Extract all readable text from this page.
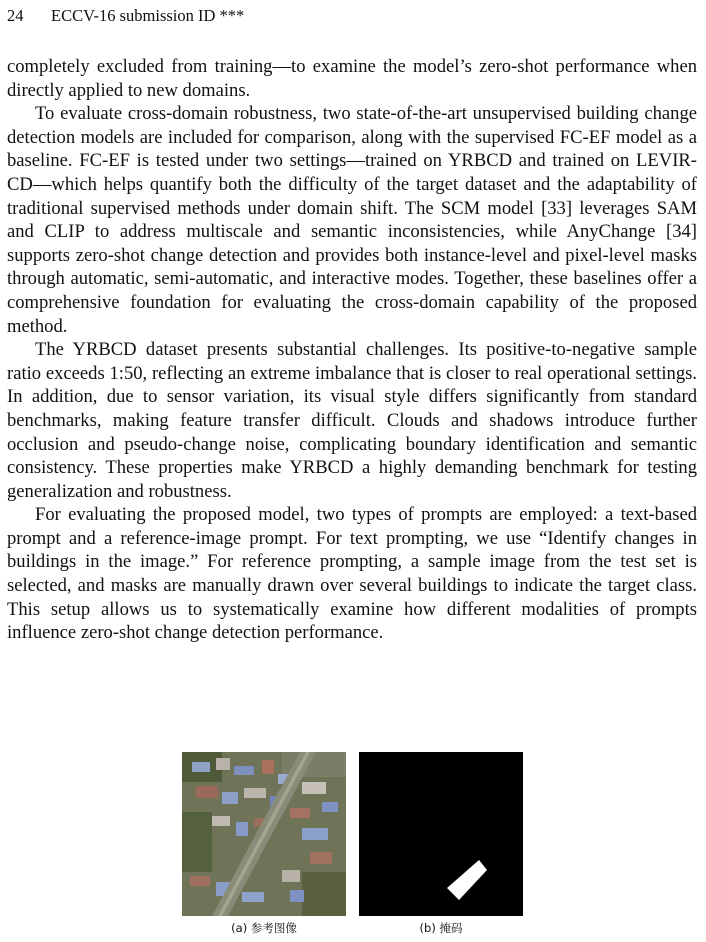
24 ECCV-16 submission ID ***

completely excluded from training—to examine the model’s zero-shot performance when directly applied to new domains.

To evaluate cross-domain robustness, two state-of-the-art unsupervised building change detection models are included for comparison, along with the supervised FC-EF model as a baseline. FC-EF is tested under two settings—trained on YRBCD and trained on LEVIR-CD—which helps quantify both the difficulty of the target dataset and the adaptability of traditional supervised methods under domain shift. The SCM model [33] leverages SAM and CLIP to address multiscale and semantic inconsistencies, while AnyChange [34] supports zero-shot change detection and provides both instance-level and pixel-level masks through automatic, semi-automatic, and interactive modes. Together, these baselines offer a comprehensive foundation for evaluating the cross-domain capability of the proposed method.

The YRBCD dataset presents substantial challenges. Its positive-to-negative sample ratio exceeds 1:50, reflecting an extreme imbalance that is closer to real operational settings. In addition, due to sensor variation, its visual style differs significantly from standard benchmarks, making feature transfer difficult. Clouds and shadows introduce further occlusion and pseudo-change noise, complicating boundary identification and semantic consistency. These properties make YRBCD a highly demanding benchmark for testing generalization and robustness.

For evaluating the proposed model, two types of prompts are employed: a text-based prompt and a reference-image prompt. For text prompting, we use “Identify changes in buildings in the image.” For reference prompting, a sample image from the test set is selected, and masks are manually drawn over several buildings to indicate the target class. This setup allows us to systematically examine how different modalities of prompts influence zero-shot change detection performance.

(a) 参考图像	(b) 掩码
